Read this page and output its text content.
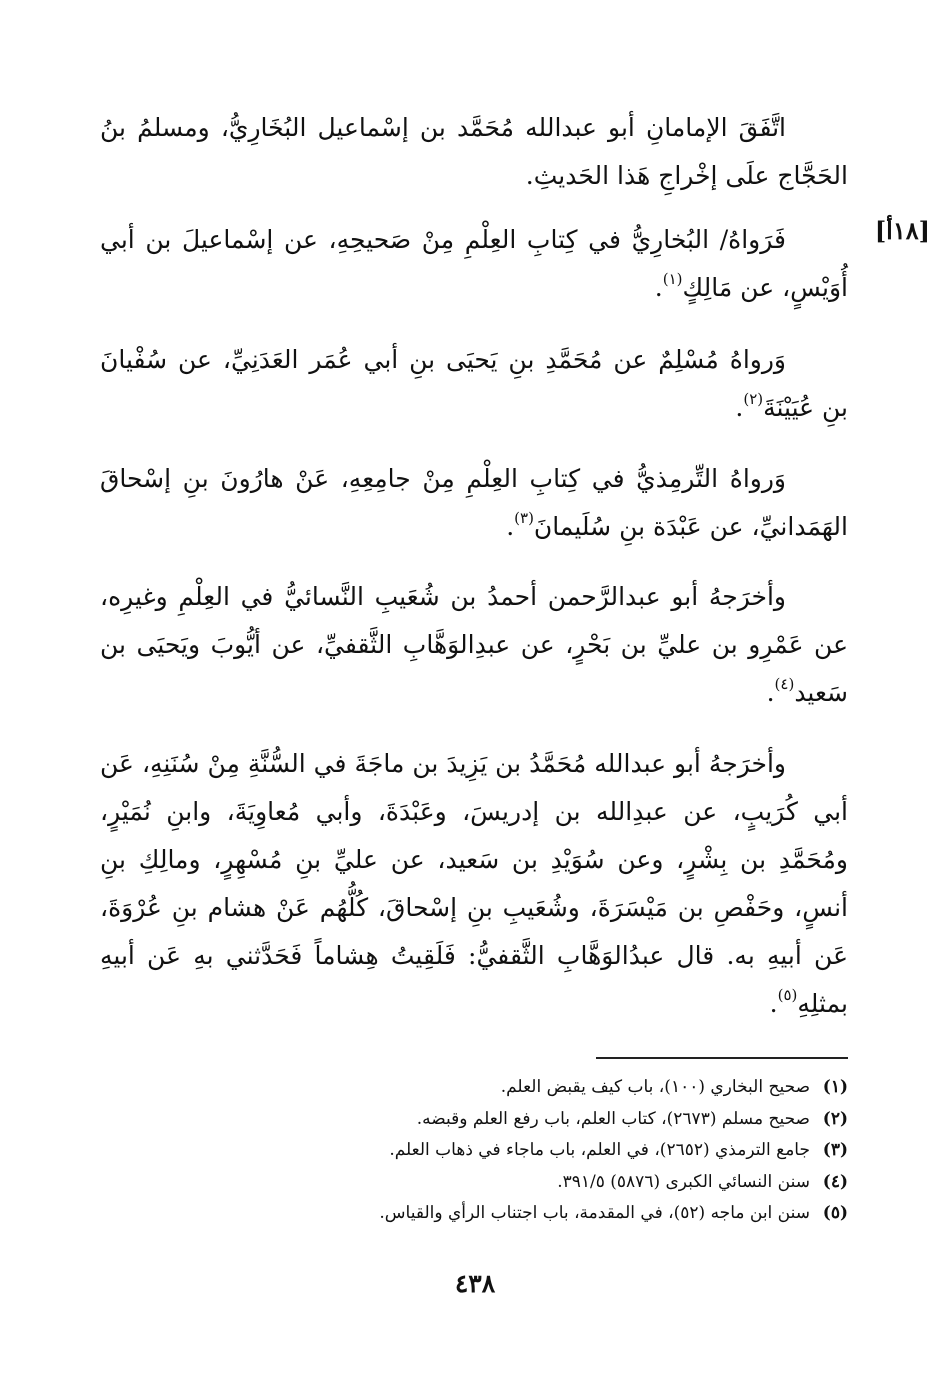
[١٨أ]
اتَّفَقَ الإمامانِ أبو عبدالله مُحَمَّد بن إسْماعيل البُخَارِيُّ، ومسلمُ بنُ الحَجَّاج علَى إخْراجِ هَذا الحَديثِ.
فَرَواهُ/ البُخارِيُّ في كِتابِ العِلْمِ مِنْ صَحيحِهِ، عن إسْماعيلَ بن أبي أُوَيْسٍ، عن مَالِكٍ$^{(١)}$.
وَرواهُ مُسْلِمٌ عن مُحَمَّدِ بنِ يَحيَى بنِ أبي عُمَر العَدَنِيِّ، عن سُفْيانَ بنِ عُيَيْنَةَ$^{(٢)}$.
وَرواهُ التِّرمِذيُّ في كِتابِ العِلْمِ مِنْ جامِعِهِ، عَنْ هارُونَ بنِ إسْحاقَ الهَمَدانيِّ، عن عَبْدَة بنِ سُلَيمانَ$^{(٣)}$.
وأخرَجهُ أبو عبدالرَّحمن أحمدُ بن شُعَيبِ النَّسائيُّ في العِلْمِ وغيرِه، عن عَمْرِو بن عليِّ بن بَحْرٍ، عن عبدِالوَهَّابِ الثَّقفيِّ، عن أيُّوبَ ويَحيَى بن سَعيد$^{(٤)}$.
وأخرَجهُ أبو عبدالله مُحَمَّدُ بن يَزِيدَ بن ماجَةَ في السُّنَّةِ مِنْ سُنَنِهِ، عَن أبي كُرَيبٍ، عن عبدِالله بن إدريسَ، وعَبْدَةَ، وأبي مُعاوِيَةَ، وابنِ نُمَيْرٍ، ومُحَمَّدِ بن بِشْرٍ، وعن سُوَيْدِ بن سَعيد، عن عليِّ بنِ مُسْهِرٍ، ومالِكِ بنِ أنسٍ، وحَفْصِ بن مَيْسَرَةَ، وشُعَيبِ بنِ إسْحاقَ، كُلُّهُم عَنْ هشام بنِ عُرْوَةَ، عَن أبيهِ به. قال عبدُالوَهَّابِ الثَّقفيُّ: فَلَقِيتُ هِشاماً فَحَدَّثني بهِ عَن أبيهِ بمثلِهِ$^{(٥)}$.
(١)
صحيح البخاري (١٠٠)، باب كيف يقبض العلم.
(٢)
صحيح مسلم (٢٦٧٣)، كتاب العلم، باب رفع العلم وقبضه.
(٣)
جامع الترمذي (٢٦٥٢)، في العلم، باب ماجاء في ذهاب العلم.
(٤)
سنن النسائي الكبرى (٥٨٧٦) ٣٩١/٥.
(٥)
سنن ابن ماجه (٥٢)، في المقدمة، باب اجتناب الرأي والقياس.
٤٣٨
